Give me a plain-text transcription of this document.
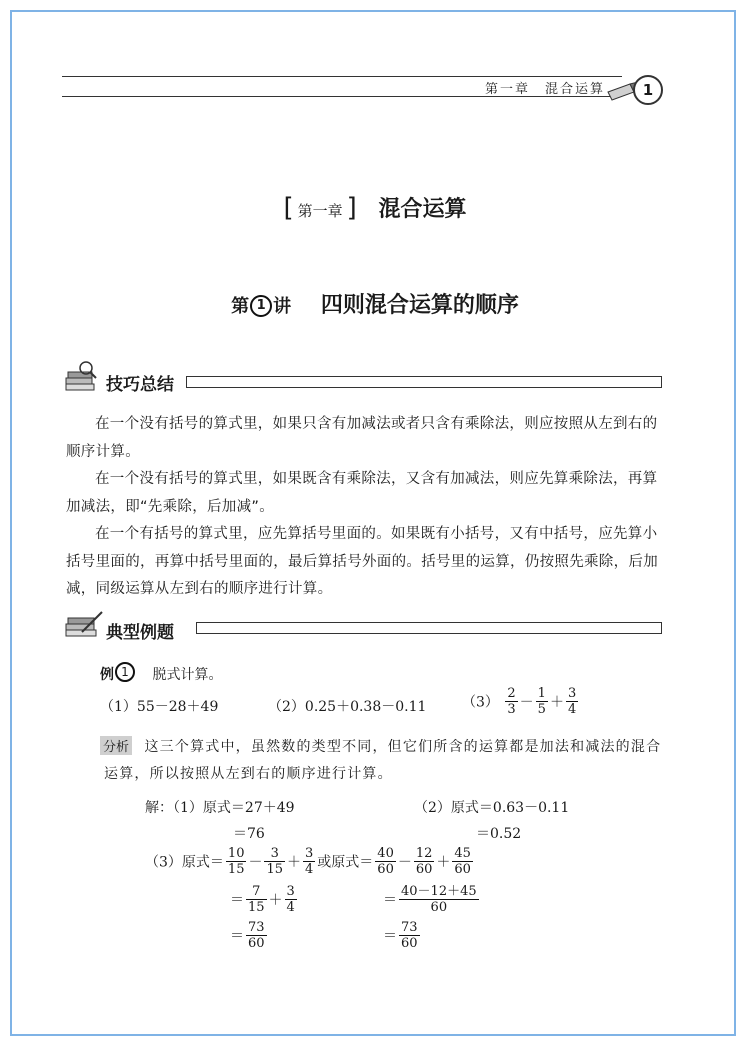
第一章　混合运算	1
[ 第一章 ] 混合运算
第 1 讲 四则混合运算的顺序
技巧总结
在一个没有括号的算式里，如果只含有加减法或者只含有乘除法，则应按照从左到右的顺序计算。
在一个没有括号的算式里，如果既含有乘除法，又含有加减法，则应先算乘除法，再算加减法，即“先乘除，后加减”。
在一个有括号的算式里，应先算括号里面的。如果既有小括号，又有中括号，应先算小括号里面的，再算中括号里面的，最后算括号外面的。括号里的运算，仍按照先乘除，后加减，同级运算从左到右的顺序进行计算。
典型例题
例 1 脱式计算。
（1）55－28＋49	（2）0.25＋0.38－0.11	$(3) \frac{2}{3} - \frac{1}{5} + \frac{3}{4}$
分析 这三个算式中，虽然数的类型不同，但它们所含的运算都是加法和减法的混合
运算，所以按照从左到右的顺序进行计算。
解：（1）原式＝27＋49
＝76
（2）原式＝0.63－0.11
＝0.52
（3）原式＝ $\frac{10}{15} - \frac{3}{15} + \frac{3}{4}$ 或原式＝ $\frac{40}{60} - \frac{12}{60} + \frac{45}{60}$
＝ $\frac{7}{15} + \frac{3}{4}$	＝ $\frac{40-12+45}{60}$
＝ $\frac{73}{60}$	＝ $\frac{73}{60}$
